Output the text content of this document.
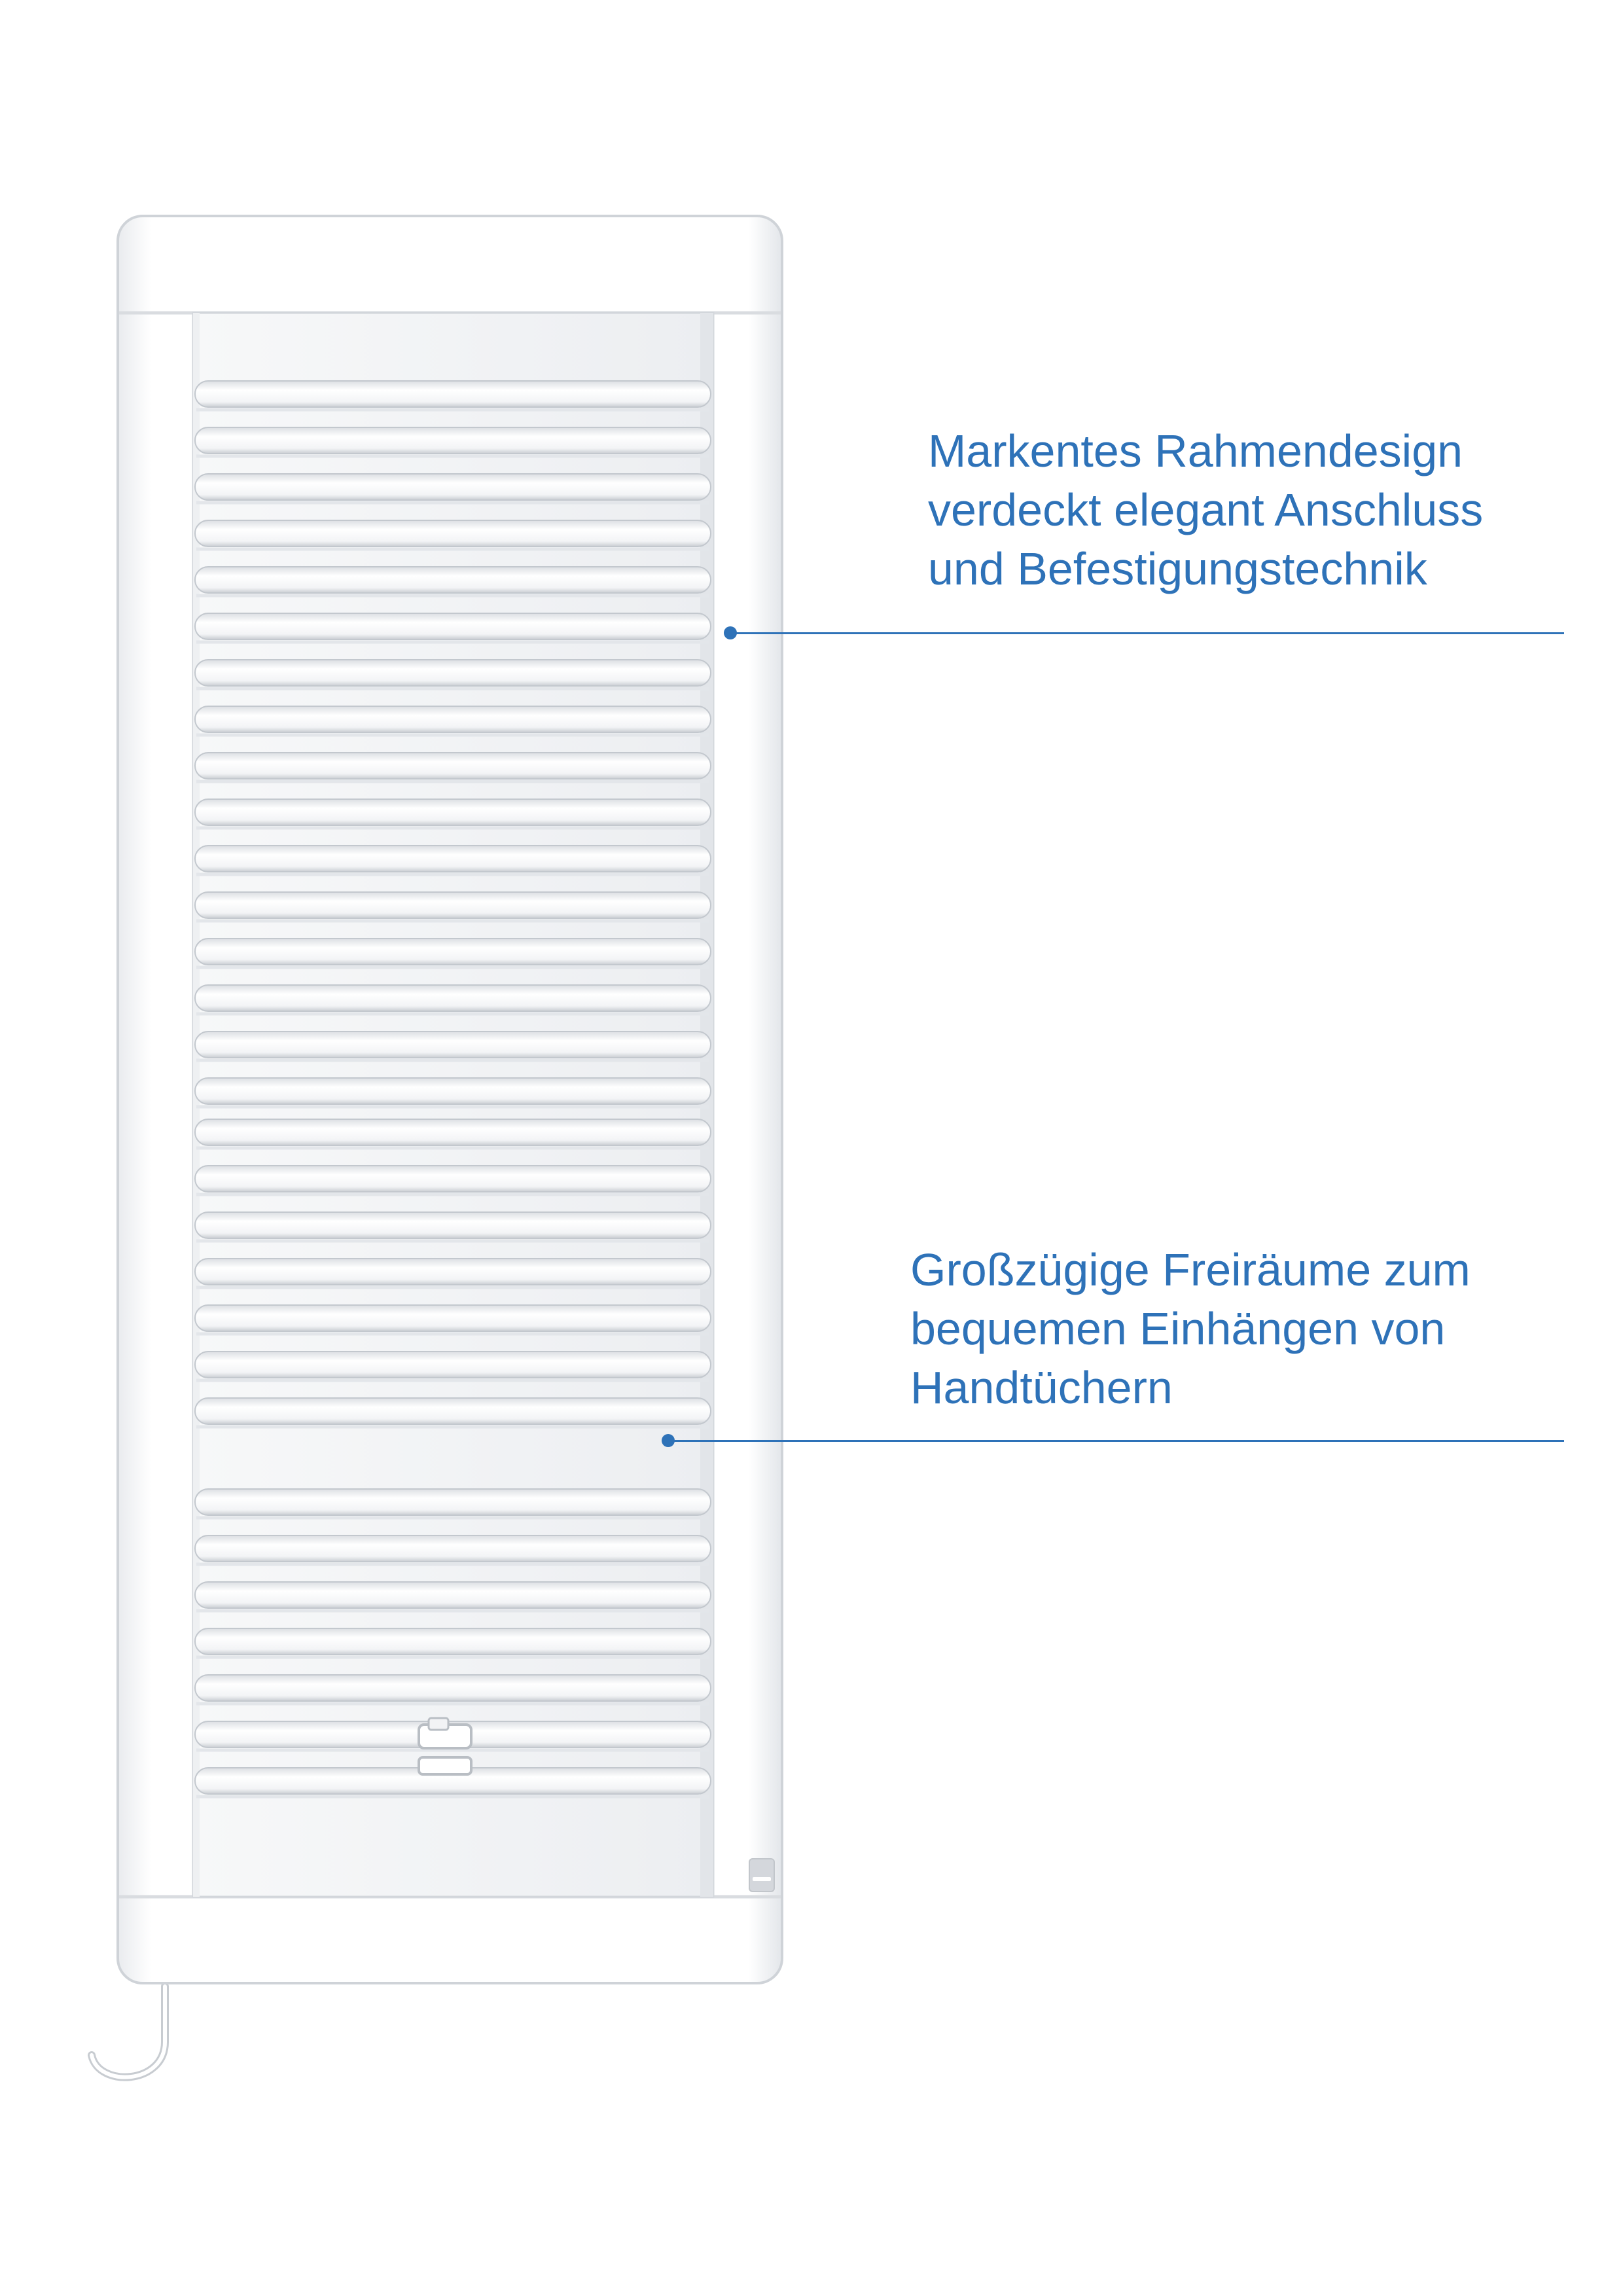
Markentes Rahmendesign
verdeckt elegant Anschluss
und Befestigungstechnik
Großzügige Freiräume zum
bequemen Einhängen von
Handtüchern
